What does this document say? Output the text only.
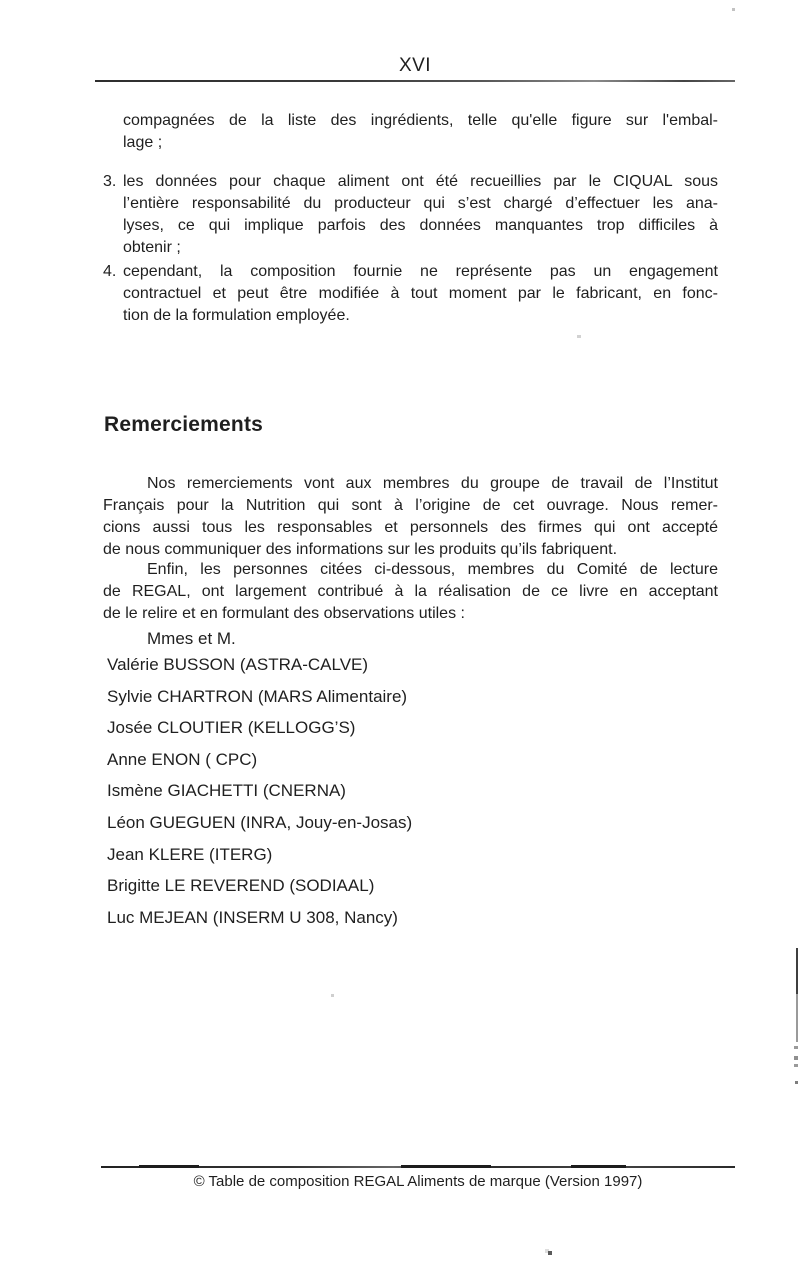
XVI
compagnées de la liste des ingrédients, telle qu'elle figure sur l'embal-
lage ;
3. les données pour chaque aliment ont été recueillies par le CIQUAL sous
l’entière responsabilité du producteur qui s’est chargé d’effectuer les ana-
lyses, ce qui implique parfois des données manquantes trop difficiles à
obtenir ;
4. cependant, la composition fournie ne représente pas un engagement
contractuel et peut être modifiée à tout moment par le fabricant, en fonc-
tion de la formulation employée.
Remerciements
Nos remerciements vont aux membres du groupe de travail de l’Institut
Français pour la Nutrition qui sont à l’origine de cet ouvrage. Nous remer-
cions aussi tous les responsables et personnels des firmes qui ont accepté
de nous communiquer des informations sur les produits qu’ils fabriquent.
Enfin, les personnes citées ci-dessous, membres du Comité de lecture
de REGAL, ont largement contribué à la réalisation de ce livre en acceptant
de le relire et en formulant des observations utiles :
Mmes et M.
Valérie BUSSON (ASTRA-CALVE)
Sylvie CHARTRON (MARS Alimentaire)
Josée CLOUTIER (KELLOGG’S)
Anne ENON ( CPC)
Ismène GIACHETTI (CNERNA)
Léon GUEGUEN (INRA, Jouy-en-Josas)
Jean KLERE (ITERG)
Brigitte LE REVEREND (SODIAAL)
Luc MEJEAN (INSERM U 308, Nancy)
© Table de composition REGAL Aliments de marque (Version 1997)
